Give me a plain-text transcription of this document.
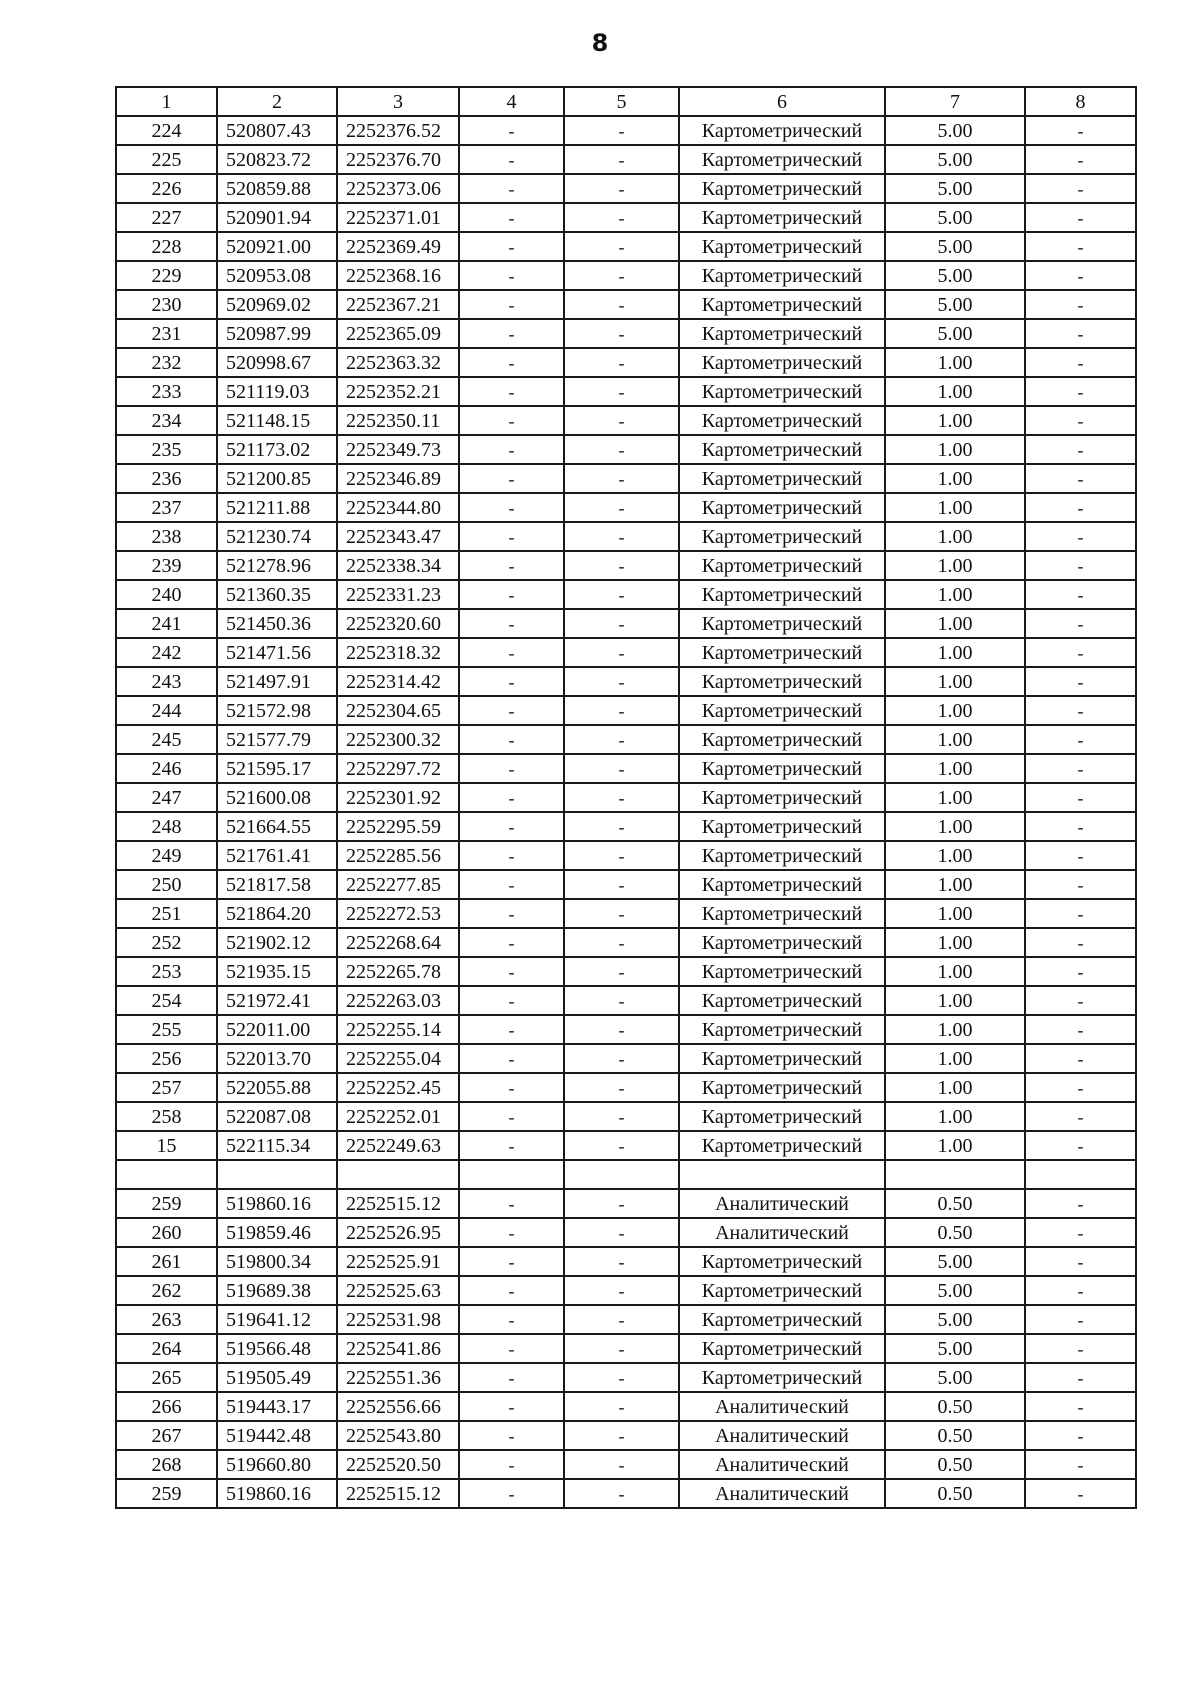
8
1	2	3	4	5	6	7	8
224	520807.43	2252376.52	-	-	Картометрический	5.00	-
225	520823.72	2252376.70	-	-	Картометрический	5.00	-
226	520859.88	2252373.06	-	-	Картометрический	5.00	-
227	520901.94	2252371.01	-	-	Картометрический	5.00	-
228	520921.00	2252369.49	-	-	Картометрический	5.00	-
229	520953.08	2252368.16	-	-	Картометрический	5.00	-
230	520969.02	2252367.21	-	-	Картометрический	5.00	-
231	520987.99	2252365.09	-	-	Картометрический	5.00	-
232	520998.67	2252363.32	-	-	Картометрический	1.00	-
233	521119.03	2252352.21	-	-	Картометрический	1.00	-
234	521148.15	2252350.11	-	-	Картометрический	1.00	-
235	521173.02	2252349.73	-	-	Картометрический	1.00	-
236	521200.85	2252346.89	-	-	Картометрический	1.00	-
237	521211.88	2252344.80	-	-	Картометрический	1.00	-
238	521230.74	2252343.47	-	-	Картометрический	1.00	-
239	521278.96	2252338.34	-	-	Картометрический	1.00	-
240	521360.35	2252331.23	-	-	Картометрический	1.00	-
241	521450.36	2252320.60	-	-	Картометрический	1.00	-
242	521471.56	2252318.32	-	-	Картометрический	1.00	-
243	521497.91	2252314.42	-	-	Картометрический	1.00	-
244	521572.98	2252304.65	-	-	Картометрический	1.00	-
245	521577.79	2252300.32	-	-	Картометрический	1.00	-
246	521595.17	2252297.72	-	-	Картометрический	1.00	-
247	521600.08	2252301.92	-	-	Картометрический	1.00	-
248	521664.55	2252295.59	-	-	Картометрический	1.00	-
249	521761.41	2252285.56	-	-	Картометрический	1.00	-
250	521817.58	2252277.85	-	-	Картометрический	1.00	-
251	521864.20	2252272.53	-	-	Картометрический	1.00	-
252	521902.12	2252268.64	-	-	Картометрический	1.00	-
253	521935.15	2252265.78	-	-	Картометрический	1.00	-
254	521972.41	2252263.03	-	-	Картометрический	1.00	-
255	522011.00	2252255.14	-	-	Картометрический	1.00	-
256	522013.70	2252255.04	-	-	Картометрический	1.00	-
257	522055.88	2252252.45	-	-	Картометрический	1.00	-
258	522087.08	2252252.01	-	-	Картометрический	1.00	-
15	522115.34	2252249.63	-	-	Картометрический	1.00	-

259	519860.16	2252515.12	-	-	Аналитический	0.50	-
260	519859.46	2252526.95	-	-	Аналитический	0.50	-
261	519800.34	2252525.91	-	-	Картометрический	5.00	-
262	519689.38	2252525.63	-	-	Картометрический	5.00	-
263	519641.12	2252531.98	-	-	Картометрический	5.00	-
264	519566.48	2252541.86	-	-	Картометрический	5.00	-
265	519505.49	2252551.36	-	-	Картометрический	5.00	-
266	519443.17	2252556.66	-	-	Аналитический	0.50	-
267	519442.48	2252543.80	-	-	Аналитический	0.50	-
268	519660.80	2252520.50	-	-	Аналитический	0.50	-
259	519860.16	2252515.12	-	-	Аналитический	0.50	-
